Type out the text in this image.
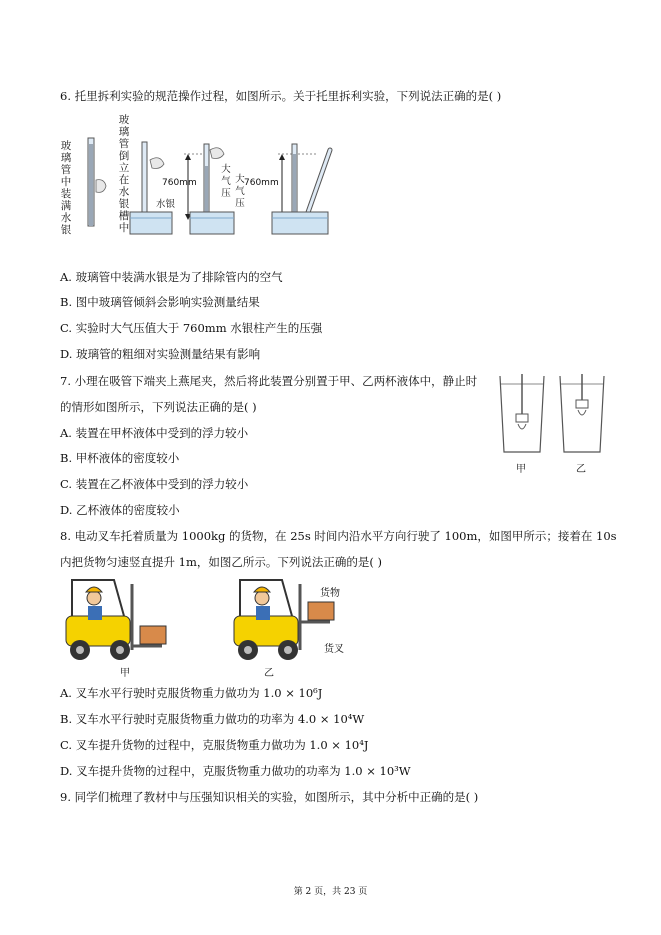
6. 托里拆利实验的规范操作过程，如图所示。关于托里拆利实验，下列说法正确的是( )
玻璃管中装满水银
玻璃管倒立在水银槽中
水银
760mm
大气压
大气压
760mm
A. 玻璃管中装满水银是为了排除管内的空气
B. 图中玻璃管倾斜会影响实验测量结果
C. 实验时大气压值大于 760mm 水银柱产生的压强
D. 玻璃管的粗细对实验测量结果有影响
7. 小理在吸管下端夹上燕尾夹，然后将此装置分别置于甲、乙两杯液体中，静止时
的情形如图所示，下列说法正确的是( )
A. 装置在甲杯液体中受到的浮力较小
B. 甲杯液体的密度较小
C. 装置在乙杯液体中受到的浮力较小
D. 乙杯液体的密度较小
甲	乙
8. 电动叉车托着质量为 1000kg 的货物，在 25s 时间内沿水平方向行驶了 100m，如图甲所示；接着在 10s
内把货物匀速竖直提升 1m，如图乙所示。下列说法正确的是( )
甲	乙
货物
货叉
A. 叉车水平行驶时克服货物重力做功为 1.0 × 10⁶J
B. 叉车水平行驶时克服货物重力做功的功率为 4.0 × 10⁴W
C. 叉车提升货物的过程中，克服货物重力做功为 1.0 × 10⁴J
D. 叉车提升货物的过程中，克服货物重力做功的功率为 1.0 × 10³W
9. 同学们梳理了教材中与压强知识相关的实验，如图所示，其中分析中正确的是( )
第 2 页，共 23 页
